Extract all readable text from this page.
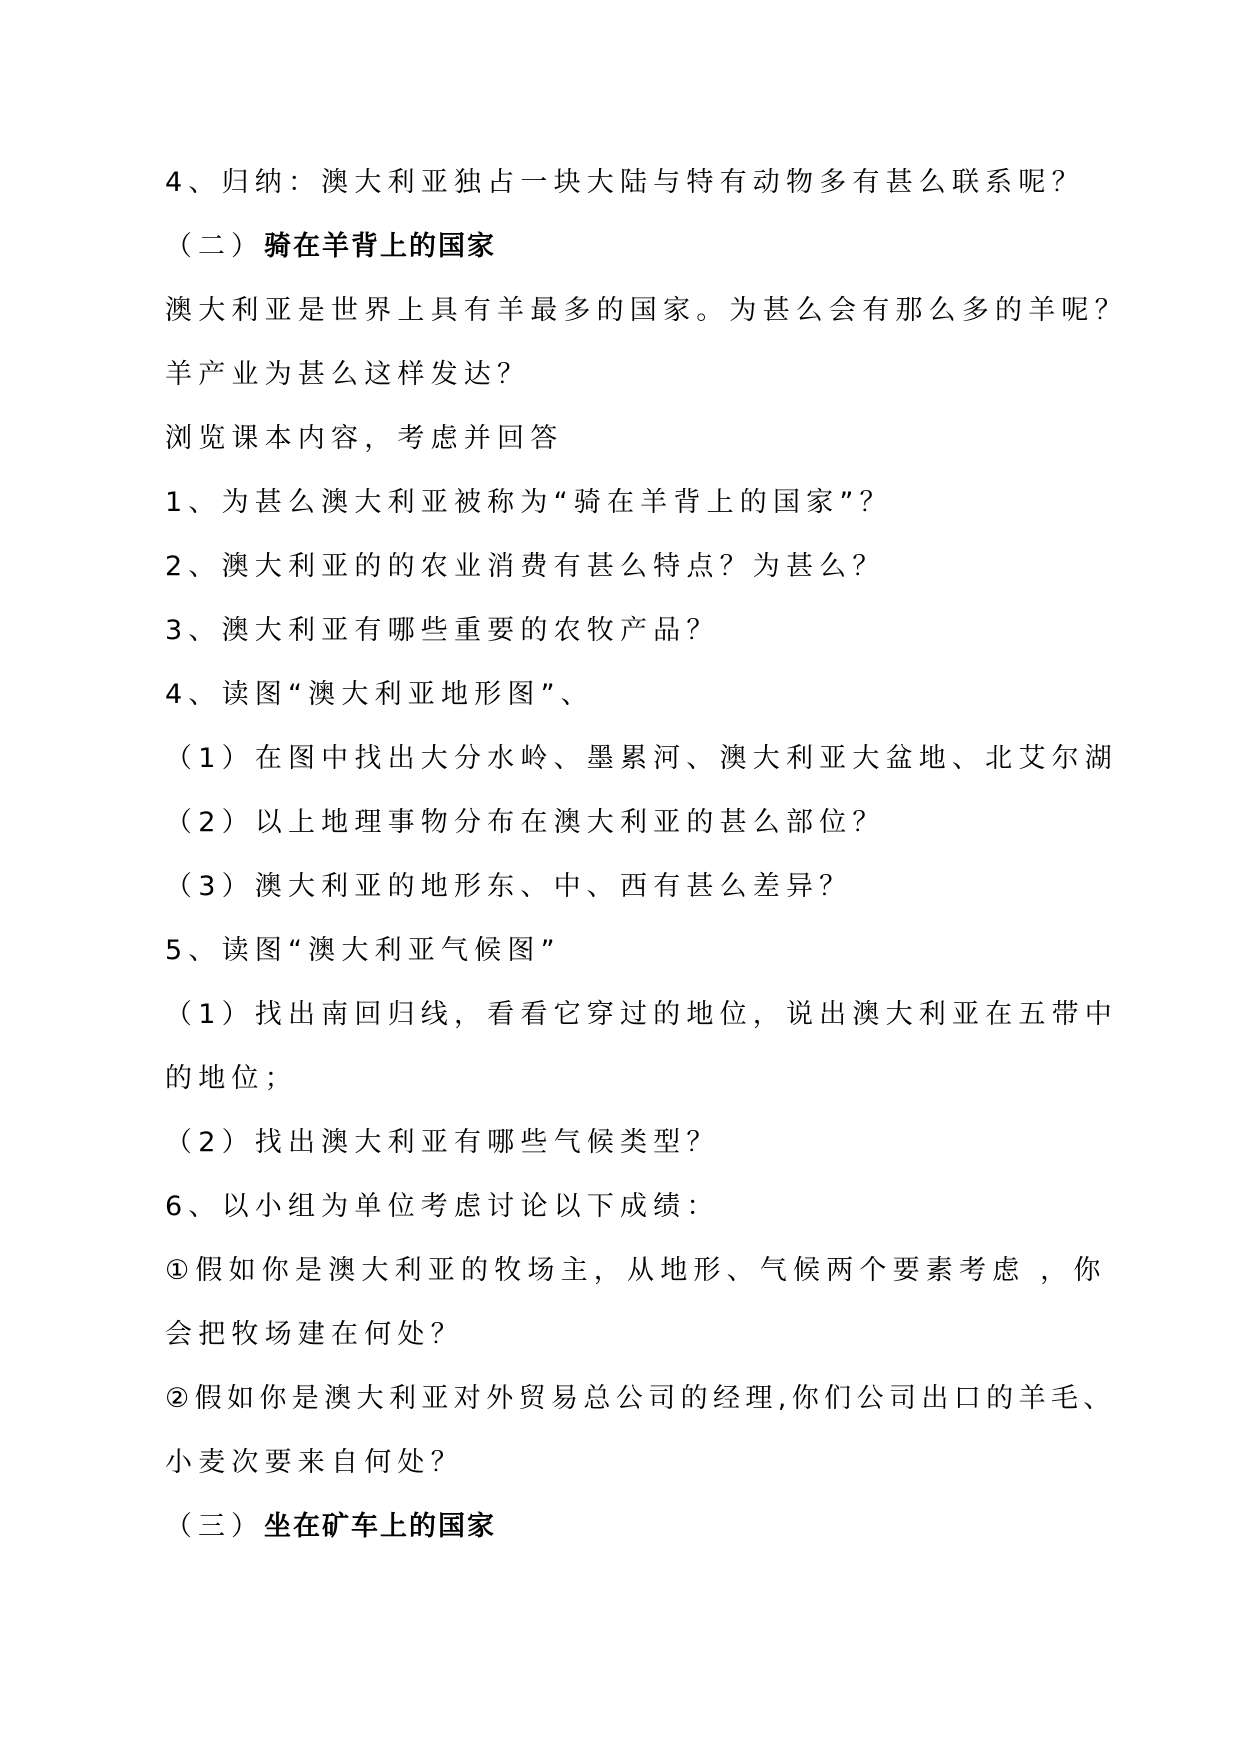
4、归纳：澳大利亚独占一块大陆与特有动物多有甚么联系呢？
（二）骑在羊背上的国家
澳大利亚是世界上具有羊最多的国家。为甚么会有那么多的羊呢？
羊产业为甚么这样发达？
浏览课本内容，考虑并回答
1、为甚么澳大利亚被称为“骑在羊背上的国家”？
2、澳大利亚的的农业消费有甚么特点？为甚么？
3、澳大利亚有哪些重要的农牧产品？
4、读图“澳大利亚地形图”、
（1）在图中找出大分水岭、墨累河、澳大利亚大盆地、北艾尔湖
（2）以上地理事物分布在澳大利亚的甚么部位？
（3）澳大利亚的地形东、中、西有甚么差异？
5、读图“澳大利亚气候图”
（1）找出南回归线，看看它穿过的地位，说出澳大利亚在五带中
的地位；
（2）找出澳大利亚有哪些气候类型？
6、以小组为单位考虑讨论以下成绩：
①假如你是澳大利亚的牧场主，从地形、气候两个要素考虑 ，你
会把牧场建在何处？
②假如你是澳大利亚对外贸易总公司的经理,你们公司出口的羊毛、
小麦次要来自何处？
（三）坐在矿车上的国家
